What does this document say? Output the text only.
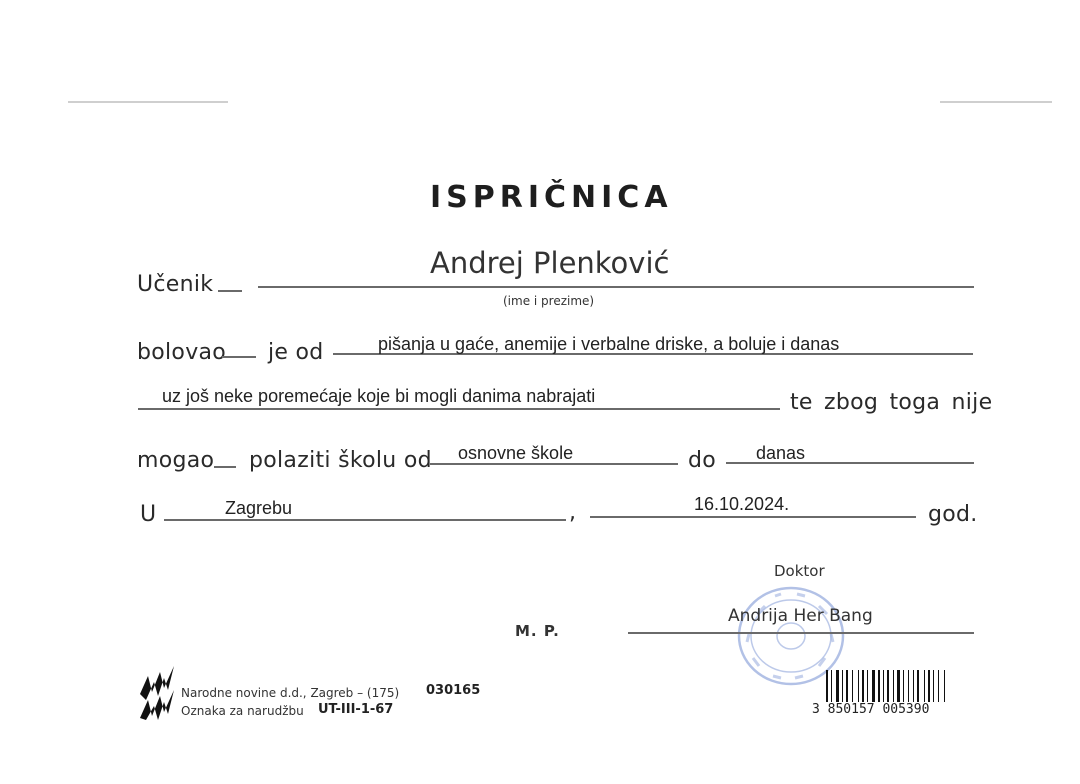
ISPRIČNICA
Učenik
Andrej Plenković
(ime i prezime)
bolovao je od	pišanja u gaće, anemije i verbalne driske, a boluje i danas
uz još neke poremećaje koje bi mogli danima nabrajati	te zbog toga nije
mogao polaziti školu od osnovne škole	do danas
U	Zagrebu	,	16.10.2024.	god.
Doktor
Andrija Her Bang
M. P.
Narodne novine d.d., Zagreb – (175) 030165
Oznaka za narudžbu UT-III-1-67	3 850157 005390
